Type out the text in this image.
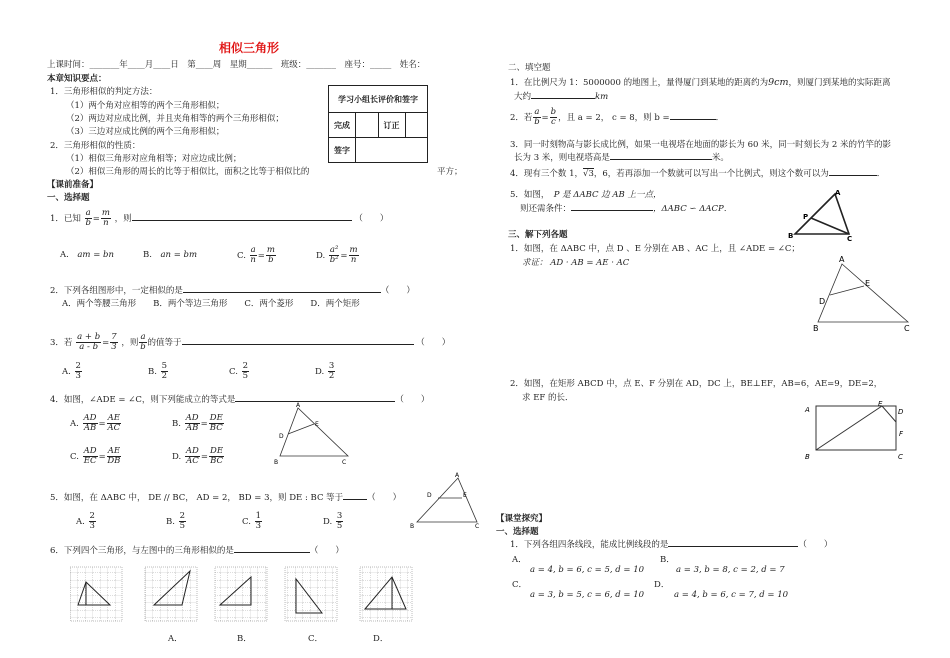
相似三角形
上课时间：_______年____月____日　第____周　星期______　班级：_______　座号：_____　姓名：
本章知识要点：
1．三角形相似的判定方法：
（1）两个角对应相等的两个三角形相似；
（2）两边对应成比例，并且夹角相等的两个三角形相似；
（3）三边对应成比例的两个三角形相似；
2．三角形相似的性质：
（1）相似三角形对应角相等；对应边成比例；
（2）相似三角形的周长的比等于相似比，面积之比等于相似比的	平方；
学习小组长评价和签字			
完成		订正	
签字			
【课前准备】
一、选择题
1．已知 $\frac{a}{b} = \frac{m}{n}$ ，则	（　　）
A.　 am = bn	B.　 an = bm	C. $\frac{a}{n} = \frac{m}{b}$	D. $\frac{\text{a²}}{\text{b²}} = \frac{m}{n}$
2．下列各组图形中，一定相似的是	（　　）
A．两个等腰三角形　　B．两个等边三角形　　C．两个菱形　　D．两个矩形
3．若 $\frac{a + b}{a - b} = \frac{7}{3}$ ，则 $\frac{a}{b}$ 的值等于	（　　）
A. $\frac{2}{3}$	B. $\frac{5}{2}$	C. $\frac{2}{5}$	D. $\frac{3}{2}$
4．如图，∠ADE = ∠C，则下列能成立的等式是	（　　）
A. $\frac{AD}{AB} = \frac{AE}{AC}$	B. $\frac{AD}{AB} = \frac{DE}{BC}$
C. $\frac{AD}{EC} = \frac{AE}{DB}$	D. $\frac{AD}{AC} = \frac{DE}{BC}$
A
D
E
B	C
5．如图，在 ΔABC 中， DE // BC， AD = 2， BD = 3，则 DE : BC 等于	（　　）
A. $\frac{2}{3}$	B. $\frac{2}{5}$	C. $\frac{1}{3}$	D. $\frac{3}{5}$
A
D	E
B	C
6．下列四个三角形，与左图中的三角形相似的是	（　　）
A．	B．	C．	D．
二、填空题
1．在比例尺为 1：5000000 的地图上，量得厦门到某地的距离约为9cm，则厦门到某地的实际距离
大约	km
2．若 $\frac{a}{b} = \frac{b}{c}$ ，且 a = 2， c = 8，则 b =	．
3．同一时刻物高与影长成比例，如果一电视塔在地面的影长为 60 米，同一时刻长为 2 米的竹竿的影
长为 3 米，则电视塔高是	米。
4．现有三个数 1，√3，6，若再添加一个数就可以写出一个比例式，则这个数可以为	．
5．如图，　 P 是 ΔABC 边 AB 上一点，
则还需条件：	，ΔABC ∽ ΔACP．
A
P
B	C
三、解下列各题
1．如图，在 ΔABC 中，点 D 、E 分别在 AB 、AC 上，且 ∠ADE = ∠C；
求证： AD · AB = AE · AC	A
D
E
B	C
2．如图，在矩形 ABCD 中，点 E、F 分别在 AD，DC 上，BE⊥EF，AB=6，AE=9，DE=2，
求 EF 的长．
A
E
D
F
B	C
【课堂探究】
一、选择题
1．下列各组四条线段，能成比例线段的是	（　　）
A．
a = 4, b = 6, c = 5, d = 10
B．
a = 3, b = 8, c = 2, d = 7
C．
a = 3, b = 5, c = 6, d = 10
D．
a = 4, b = 6, c = 7, d = 10
